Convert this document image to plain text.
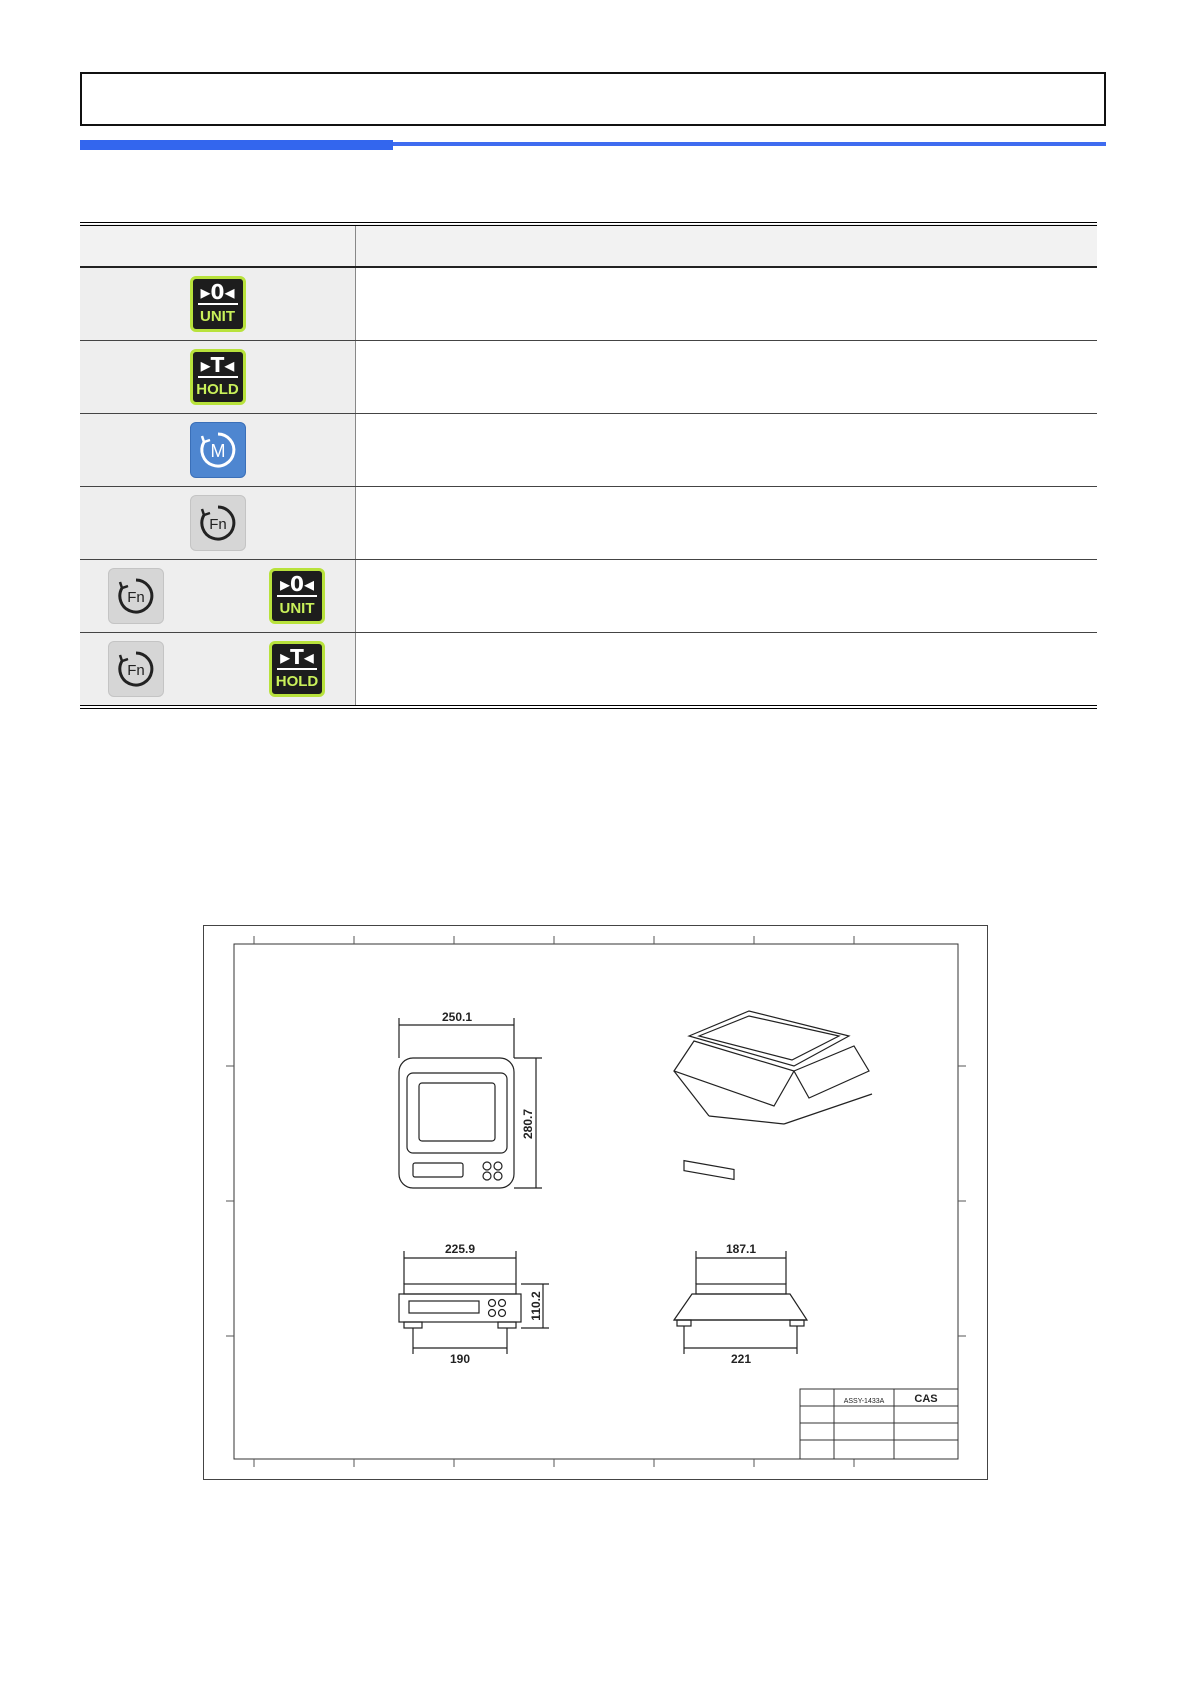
▸0◂
UNIT	

▸T◂
HOLD	

M	

Fn	

Fn
▸0◂
UNIT	

Fn
▸T◂
HOLD	

250.1
280.7
225.9
110.2
190
187.1
221
ASSY-1433A	CAS
